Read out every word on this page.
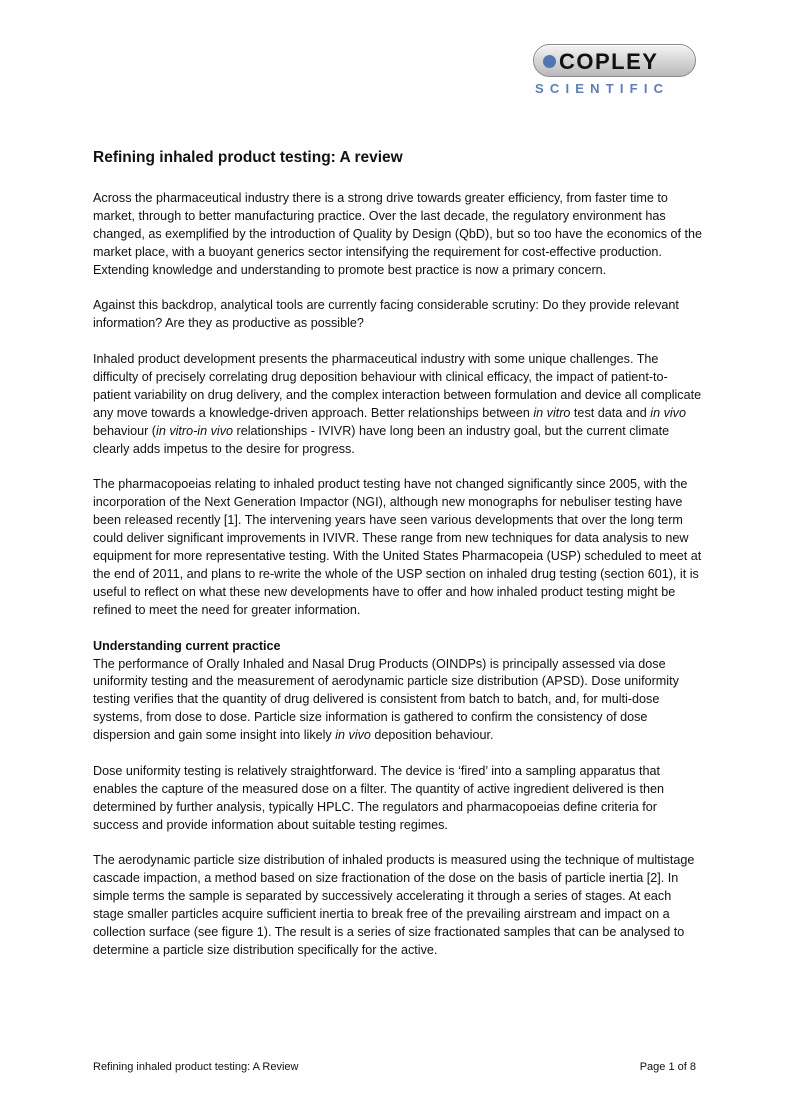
COPLEY
SCIENTIFIC
Refining inhaled product testing: A review

Across the pharmaceutical industry there is a strong drive towards greater efficiency, from faster time to market, through to better manufacturing practice. Over the last decade, the regulatory environment has changed, as exemplified by the introduction of Quality by Design (QbD), but so too have the economics of the market place, with a buoyant generics sector intensifying the requirement for cost-effective production. Extending knowledge and understanding to promote best practice is now a primary concern.

Against this backdrop, analytical tools are currently facing considerable scrutiny: Do they provide relevant information? Are they as productive as possible?

Inhaled product development presents the pharmaceutical industry with some unique challenges. The difficulty of precisely correlating drug deposition behaviour with clinical efficacy, the impact of patient-to-patient variability on drug delivery, and the complex interaction between formulation and device all complicate any move towards a knowledge-driven approach. Better relationships between in vitro test data and in vivo behaviour (in vitro-in vivo relationships - IVIVR) have long been an industry goal, but the current climate clearly adds impetus to the desire for progress.

The pharmacopoeias relating to inhaled product testing have not changed significantly since 2005, with the incorporation of the Next Generation Impactor (NGI), although new monographs for nebuliser testing have been released recently [1]. The intervening years have seen various developments that over the long term could deliver significant improvements in IVIVR. These range from new techniques for data analysis to new equipment for more representative testing. With the United States Pharmacopeia (USP) scheduled to meet at the end of 2011, and plans to re-write the whole of the USP section on inhaled drug testing (section 601), it is useful to reflect on what these new developments have to offer and how inhaled product testing might be refined to meet the need for greater information.

Understanding current practice

The performance of Orally Inhaled and Nasal Drug Products (OINDPs) is principally assessed via dose uniformity testing and the measurement of aerodynamic particle size distribution (APSD). Dose uniformity testing verifies that the quantity of drug delivered is consistent from batch to batch, and, for multi-dose systems, from dose to dose. Particle size information is gathered to confirm the consistency of dose dispersion and gain some insight into likely in vivo deposition behaviour.

Dose uniformity testing is relatively straightforward. The device is ‘fired’ into a sampling apparatus that enables the capture of the measured dose on a filter. The quantity of active ingredient delivered is then determined by further analysis, typically HPLC. The regulators and pharmacopoeias define criteria for success and provide information about suitable testing regimes.

The aerodynamic particle size distribution of inhaled products is measured using the technique of multistage cascade impaction, a method based on size fractionation of the dose on the basis of particle inertia [2]. In simple terms the sample is separated by successively accelerating it through a series of stages. At each stage smaller particles acquire sufficient inertia to break free of the prevailing airstream and impact on a collection surface (see figure 1). The result is a series of size fractionated samples that can be analysed to determine a particle size distribution specifically for the active.

Refining inhaled product testing: A Review	Page 1 of 8
